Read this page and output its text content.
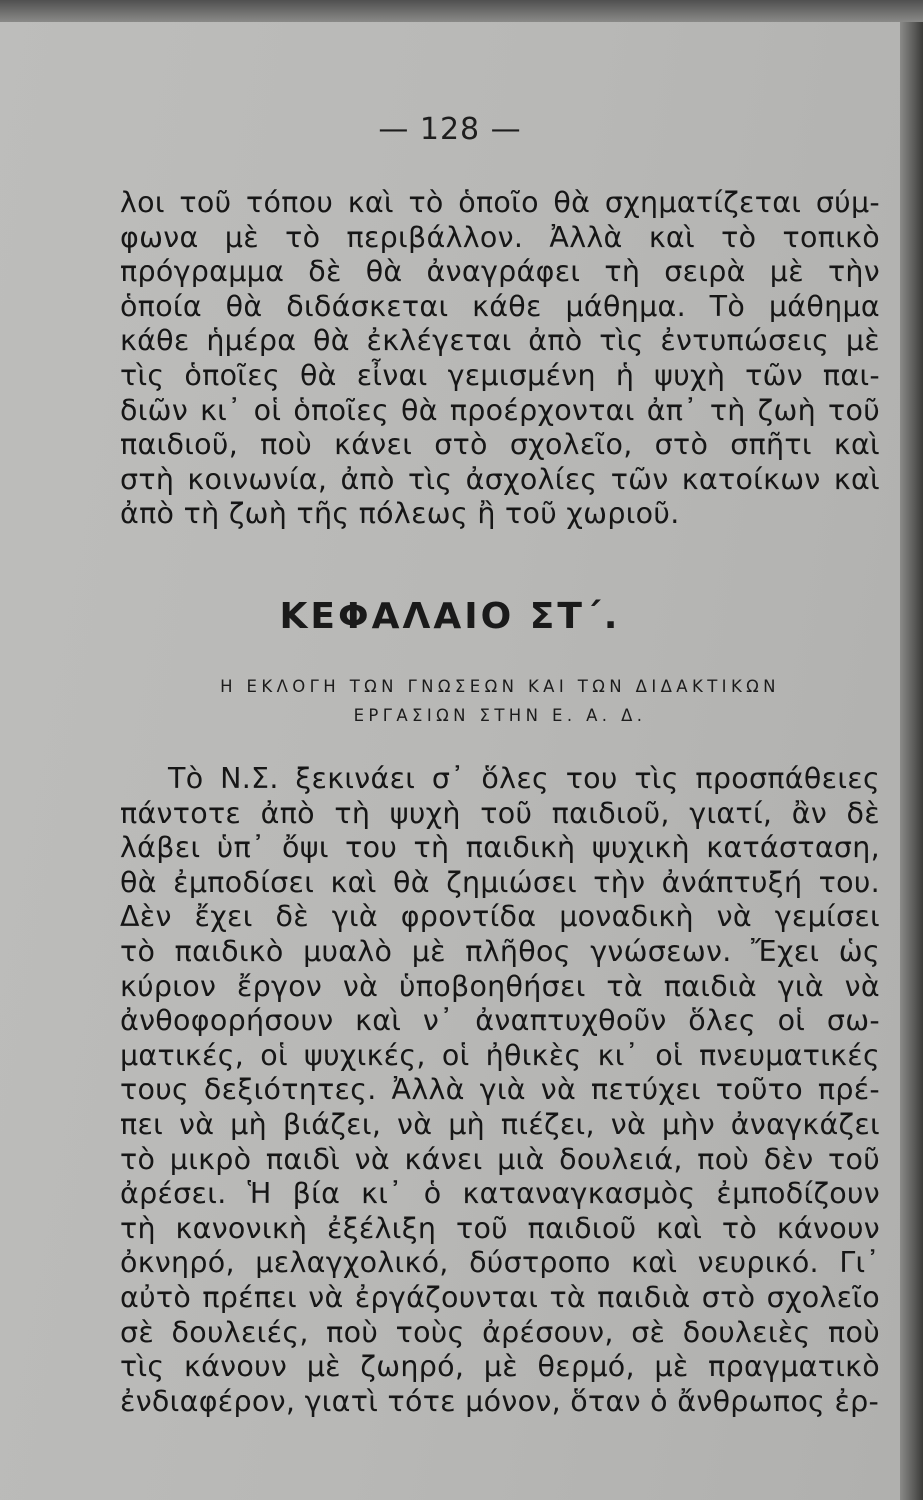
— 128 —
λοι τοῦ τόπου καὶ τὸ ὁποῖο θὰ σχηματίζεται σύμ-
φωνα μὲ τὸ περιβάλλον. Ἀλλὰ καὶ τὸ τοπικὸ
πρόγραμμα δὲ θὰ ἀναγράφει τὴ σειρὰ μὲ τὴν
ὁποία θὰ διδάσκεται κάθε μάθημα. Τὸ μάθημα
κάθε ἡμέρα θὰ ἐκλέγεται ἀπὸ τὶς ἐντυπώσεις μὲ
τὶς ὁποῖες θὰ εἶναι γεμισμένη ἡ ψυχὴ τῶν παι-
διῶν κι᾽ οἱ ὁποῖες θὰ προέρχονται ἀπ᾽ τὴ ζωὴ τοῦ
παιδιοῦ, ποὺ κάνει στὸ σχολεῖο, στὸ σπῆτι καὶ
στὴ κοινωνία, ἀπὸ τὶς ἀσχολίες τῶν κατοίκων καὶ
ἀπὸ τὴ ζωὴ τῆς πόλεως ἢ τοῦ χωριοῦ.
ΚΕΦΑΛΑΙΟ ΣΤ΄.
Η ΕΚΛΟΓΗ ΤΩΝ ΓΝΩΣΕΩΝ ΚΑΙ ΤΩΝ ΔΙΔΑΚΤΙΚΩΝ
ΕΡΓΑΣΙΩΝ ΣΤΗΝ Ε. Α. Δ.
Τὸ Ν.Σ. ξεκινάει σ᾽ ὅλες του τὶς προσπάθειες
πάντοτε ἀπὸ τὴ ψυχὴ τοῦ παιδιοῦ, γιατί, ἂν δὲ
λάβει ὑπ᾽ ὄψι του τὴ παιδικὴ ψυχικὴ κατάσταση,
θὰ ἐμποδίσει καὶ θὰ ζημιώσει τὴν ἀνάπτυξή του.
Δὲν ἔχει δὲ γιὰ φροντίδα μοναδικὴ νὰ γεμίσει
τὸ παιδικὸ μυαλὸ μὲ πλῆθος γνώσεων. Ἔχει ὡς
κύριον ἔργον νὰ ὑποβοηθήσει τὰ παιδιὰ γιὰ νὰ
ἀνθοφορήσουν καὶ ν᾽ ἀναπτυχθοῦν ὅλες οἱ σω-
ματικές, οἱ ψυχικές, οἱ ἠθικὲς κι᾽ οἱ πνευματικές
τους δεξιότητες. Ἀλλὰ γιὰ νὰ πετύχει τοῦτο πρέ-
πει νὰ μὴ βιάζει, νὰ μὴ πιέζει, νὰ μὴν ἀναγκάζει
τὸ μικρὸ παιδὶ νὰ κάνει μιὰ δουλειά, ποὺ δὲν τοῦ
ἀρέσει. Ἡ βία κι᾽ ὁ καταναγκασμὸς ἐμποδίζουν
τὴ κανονικὴ ἐξέλιξη τοῦ παιδιοῦ καὶ τὸ κάνουν
ὀκνηρό, μελαγχολικό, δύστροπο καὶ νευρικό. Γι᾽
αὐτὸ πρέπει νὰ ἐργάζουνται τὰ παιδιὰ στὸ σχολεῖο
σὲ δουλειές, ποὺ τοὺς ἀρέσουν, σὲ δουλειὲς ποὺ
τὶς κάνουν μὲ ζωηρό, μὲ θερμό, μὲ πραγματικὸ
ἐνδιαφέρον, γιατὶ τότε μόνον, ὅταν ὁ ἄνθρωπος ἐρ-
